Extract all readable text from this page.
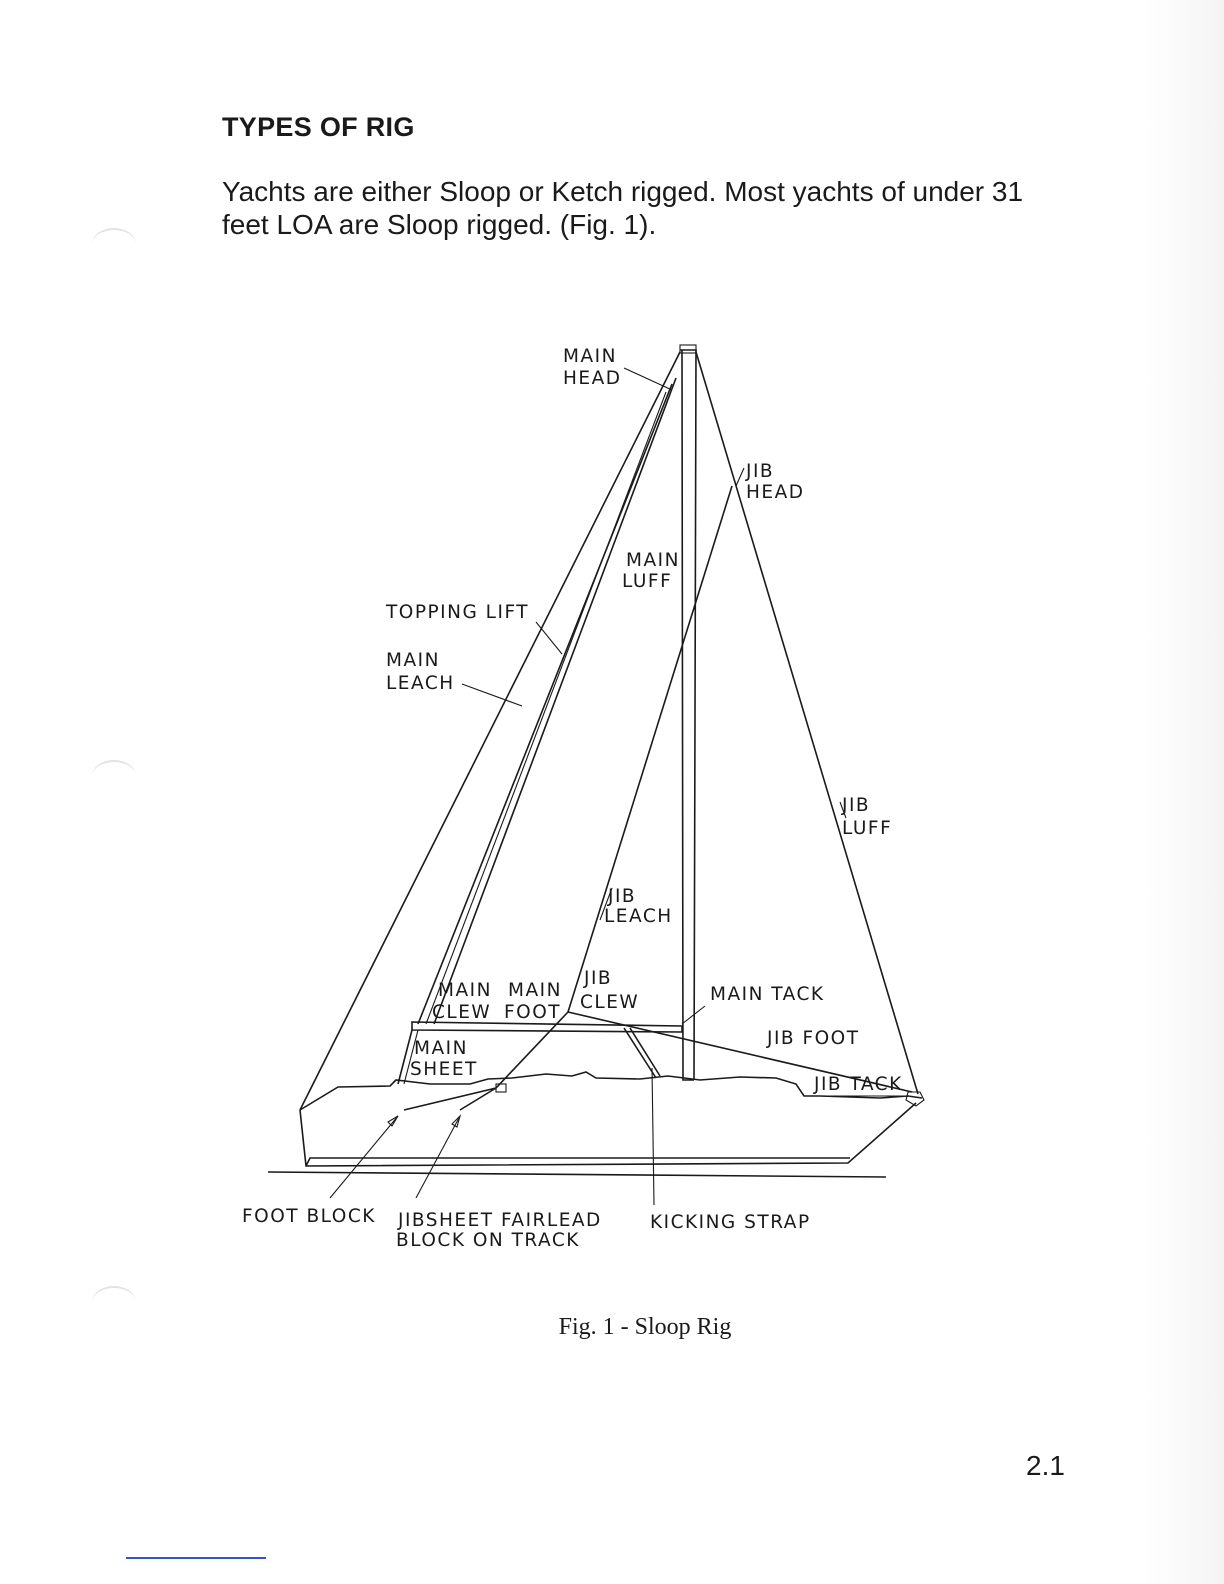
TYPES OF RIG

Yachts are either Sloop or Ketch rigged. Most yachts of under 31 feet LOA are Sloop rigged. (Fig. 1).

MAIN
HEAD
JIB
HEAD
MAIN
LUFF
TOPPING LIFT
MAIN
LEACH
JIB
LUFF
JIB
LEACH
MAIN
CLEW
MAIN
FOOT
JIB
CLEW	MAIN TACK
JIB FOOT
MAIN
SHEET
JIB TACK
FOOT BLOCK JIBSHEET FAIRLEAD
BLOCK ON TRACK
KICKING STRAP

Fig. 1 - Sloop Rig

2.1
